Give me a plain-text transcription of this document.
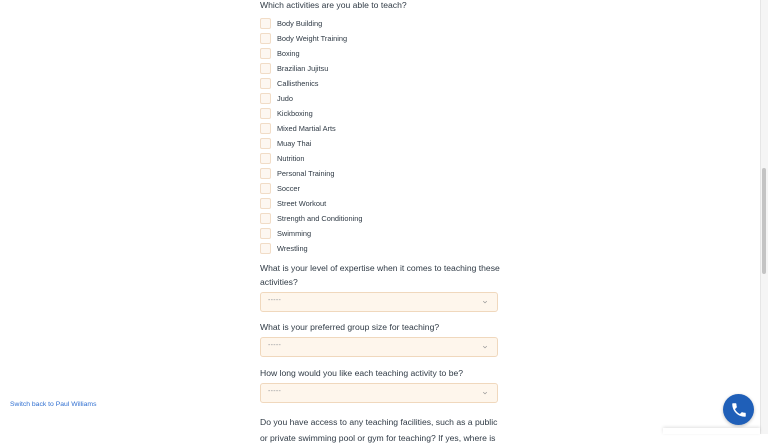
Which activities are you able to teach?

Body Building
Body Weight Training
Boxing
Brazilian Jujitsu
Callisthenics
Judo
Kickboxing
Mixed Martial Arts
Muay Thai
Nutrition
Personal Training
Soccer
Street Workout
Strength and Conditioning
Swimming
Wrestling

What is your level of expertise when it comes to teaching these activities?

-----

What is your preferred group size for teaching?

-----

How long would you like each teaching activity to be?

-----

Do you have access to any teaching facilities, such as a public or private swimming pool or gym for teaching? If yes, where is

Switch back to Paul Williams
